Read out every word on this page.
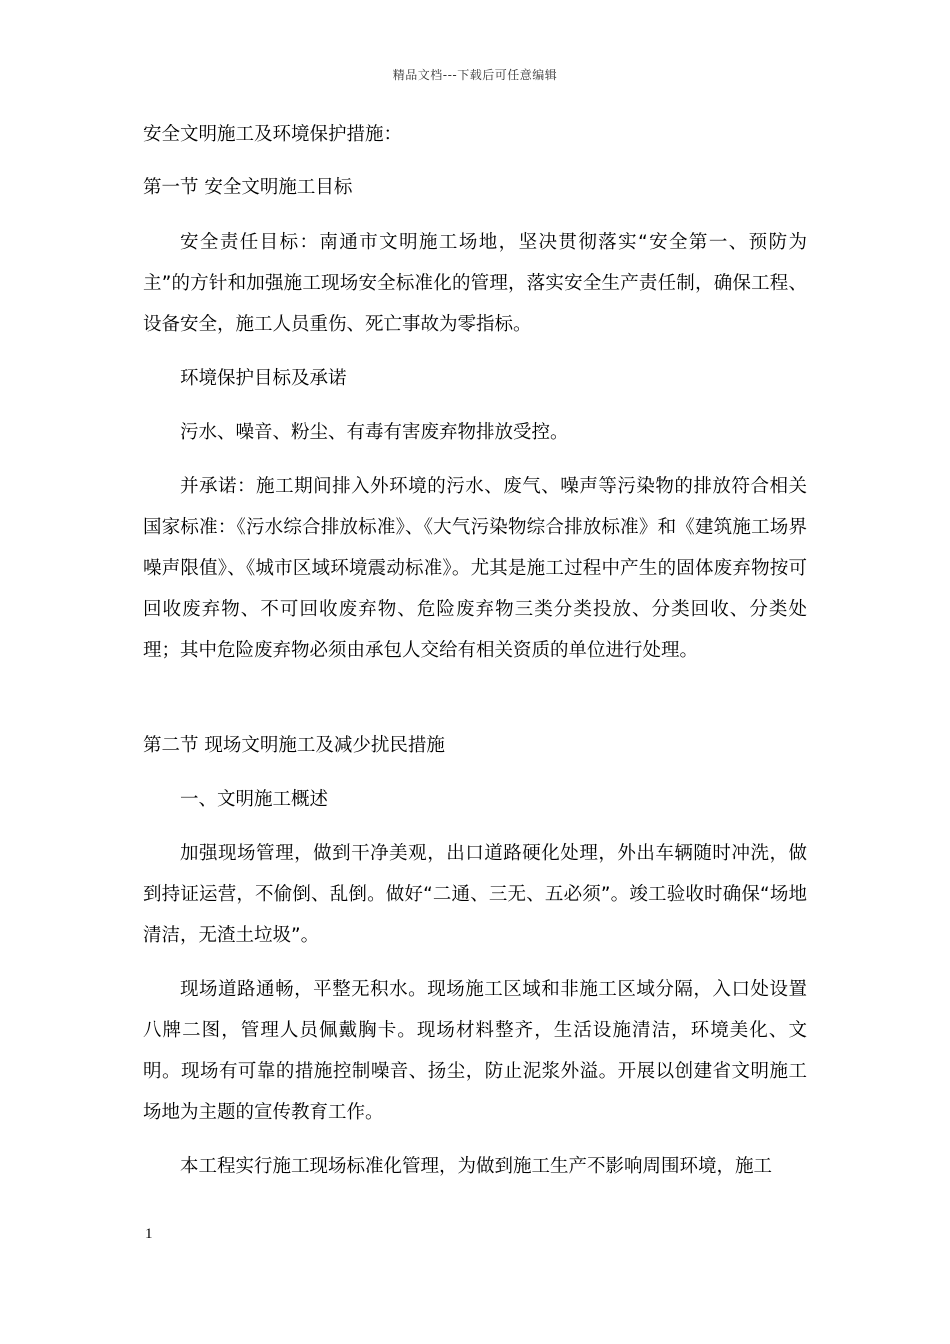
精品文档---下载后可任意编辑
安全文明施工及环境保护措施：
第一节 安全文明施工目标

安全责任目标：南通市文明施工场地，坚决贯彻落实“安全第一、预防为主”的方针和加强施工现场安全标准化的管理，落实安全生产责任制，确保工程、设备安全，施工人员重伤、死亡事故为零指标。

环境保护目标及承诺

污水、噪音、粉尘、有毒有害废弃物排放受控。

并承诺：施工期间排入外环境的污水、废气、噪声等污染物的排放符合相关国家标准：《污水综合排放标准》、《大气污染物综合排放标准》和《建筑施工场界噪声限值》、《城市区域环境震动标准》。尤其是施工过程中产生的固体废弃物按可回收废弃物、不可回收废弃物、危险废弃物三类分类投放、分类回收、分类处理；其中危险废弃物必须由承包人交给有相关资质的单位进行处理。

第二节 现场文明施工及减少扰民措施

一、文明施工概述

加强现场管理，做到干净美观，出口道路硬化处理，外出车辆随时冲洗，做到持证运营，不偷倒、乱倒。做好“二通、三无、五必须”。竣工验收时确保“场地清洁，无渣土垃圾”。

现场道路通畅，平整无积水。现场施工区域和非施工区域分隔，入口处设置八牌二图，管理人员佩戴胸卡。现场材料整齐，生活设施清洁，环境美化、文明。现场有可靠的措施控制噪音、扬尘，防止泥浆外溢。开展以创建省文明施工场地为主题的宣传教育工作。

本工程实行施工现场标准化管理，为做到施工生产不影响周围环境，施工

1
